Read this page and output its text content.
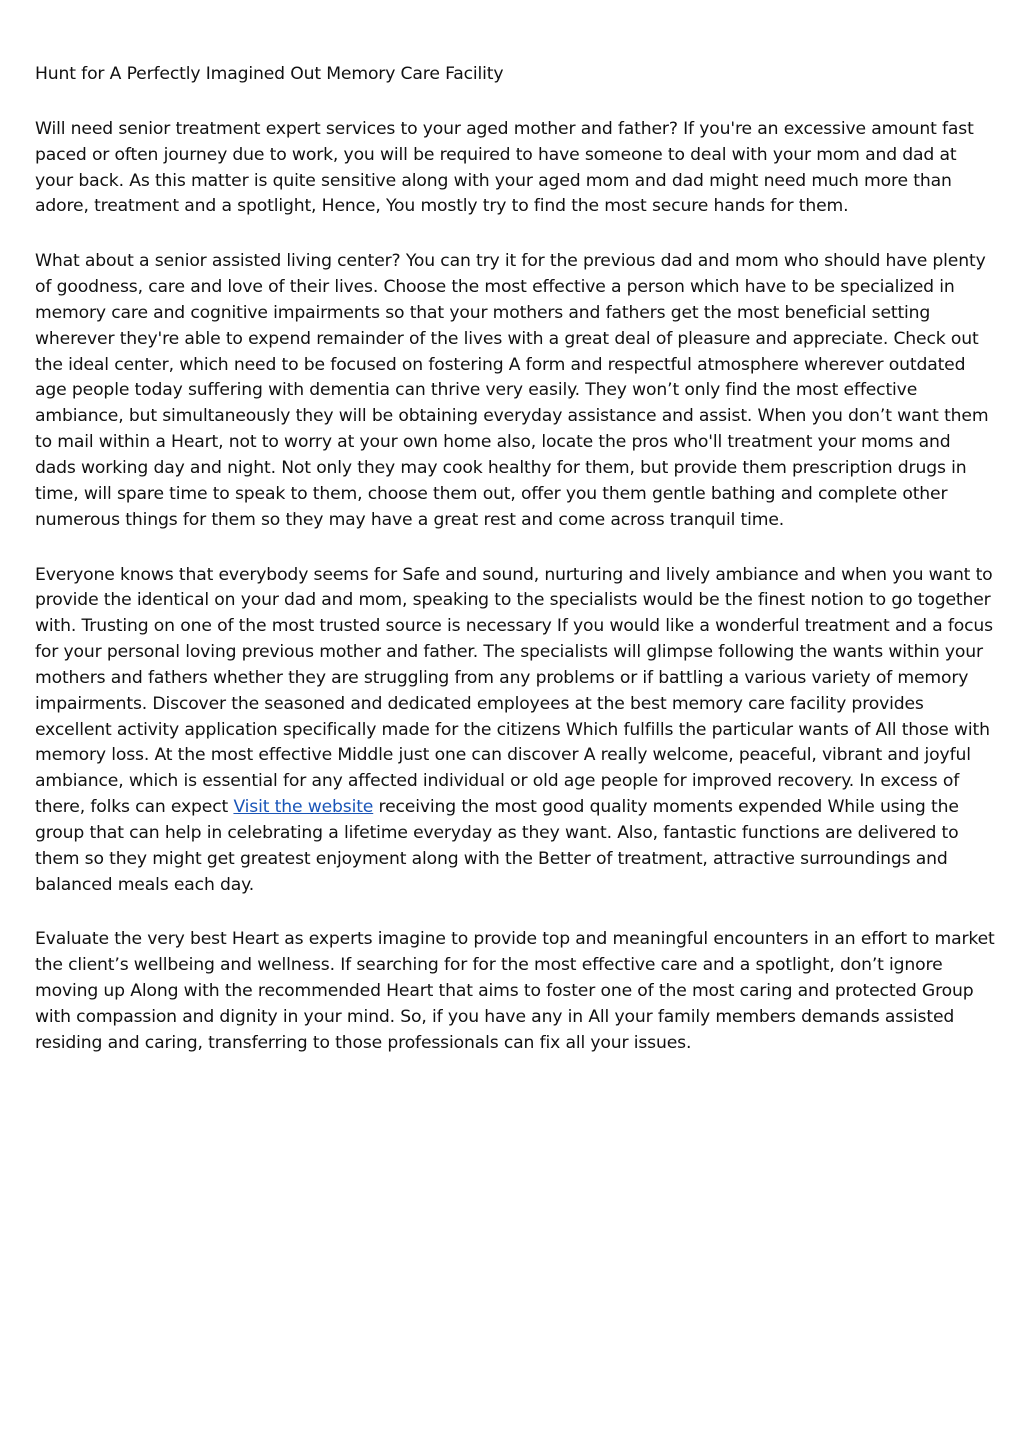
Hunt for A Perfectly Imagined Out Memory Care Facility

Will need senior treatment expert services to your aged mother and father? If you're an excessive amount fast paced or often journey due to work, you will be required to have someone to deal with your mom and dad at your back. As this matter is quite sensitive along with your aged mom and dad might need much more than adore, treatment and a spotlight, Hence, You mostly try to find the most secure hands for them.

What about a senior assisted living center? You can try it for the previous dad and mom who should have plenty of goodness, care and love of their lives. Choose the most effective a person which have to be specialized in memory care and cognitive impairments so that your mothers and fathers get the most beneficial setting wherever they're able to expend remainder of the lives with a great deal of pleasure and appreciate. Check out the ideal center, which need to be focused on fostering A form and respectful atmosphere wherever outdated age people today suffering with dementia can thrive very easily. They won’t only find the most effective ambiance, but simultaneously they will be obtaining everyday assistance and assist. When you don’t want them to mail within a Heart, not to worry at your own home also, locate the pros who'll treatment your moms and dads working day and night. Not only they may cook healthy for them, but provide them prescription drugs in time, will spare time to speak to them, choose them out, offer you them gentle bathing and complete other numerous things for them so they may have a great rest and come across tranquil time.

Everyone knows that everybody seems for Safe and sound, nurturing and lively ambiance and when you want to provide the identical on your dad and mom, speaking to the specialists would be the finest notion to go together with. Trusting on one of the most trusted source is necessary If you would like a wonderful treatment and a focus for your personal loving previous mother and father. The specialists will glimpse following the wants within your mothers and fathers whether they are struggling from any problems or if battling a various variety of memory impairments. Discover the seasoned and dedicated employees at the best memory care facility provides excellent activity application specifically made for the citizens Which fulfills the particular wants of All those with memory loss. At the most effective Middle just one can discover A really welcome, peaceful, vibrant and joyful ambiance, which is essential for any affected individual or old age people for improved recovery. In excess of there, folks can expect Visit the website receiving the most good quality moments expended While using the group that can help in celebrating a lifetime everyday as they want. Also, fantastic functions are delivered to them so they might get greatest enjoyment along with the Better of treatment, attractive surroundings and balanced meals each day.

Evaluate the very best Heart as experts imagine to provide top and meaningful encounters in an effort to market the client’s wellbeing and wellness. If searching for for the most effective care and a spotlight, don’t ignore moving up Along with the recommended Heart that aims to foster one of the most caring and protected Group with compassion and dignity in your mind. So, if you have any in All your family members demands assisted residing and caring, transferring to those professionals can fix all your issues.
